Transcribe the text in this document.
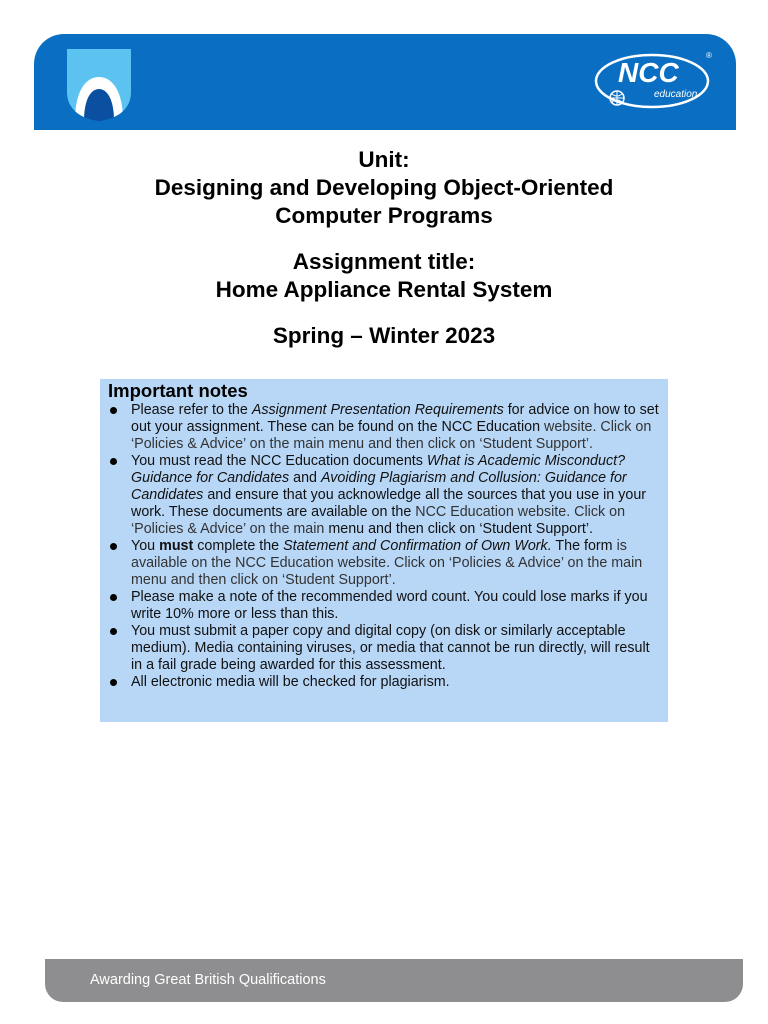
NCC
education
®
Unit:
Designing and Developing Object-Oriented
Computer Programs
Assignment title:
Home Appliance Rental System
Spring – Winter 2023
Important notes
Please refer to the Assignment Presentation Requirements for advice on how to set out your assignment. These can be found on the NCC Education website. Click on ‘Policies & Advice’ on the main menu and then click on ‘Student Support’.
You must read the NCC Education documents What is Academic Misconduct? Guidance for Candidates and Avoiding Plagiarism and Collusion: Guidance for Candidates and ensure that you acknowledge all the sources that you use in your work. These documents are available on the NCC Education website. Click on ‘Policies & Advice’ on the main menu and then click on ‘Student Support’.
You must complete the Statement and Confirmation of Own Work. The form is available on the NCC Education website. Click on ‘Policies & Advice’ on the main menu and then click on ‘Student Support’.
Please make a note of the recommended word count. You could lose marks if you write 10% more or less than this.
You must submit a paper copy and digital copy (on disk or similarly acceptable medium). Media containing viruses, or media that cannot be run directly, will result in a fail grade being awarded for this assessment.
All electronic media will be checked for plagiarism.
Awarding Great British Qualifications
